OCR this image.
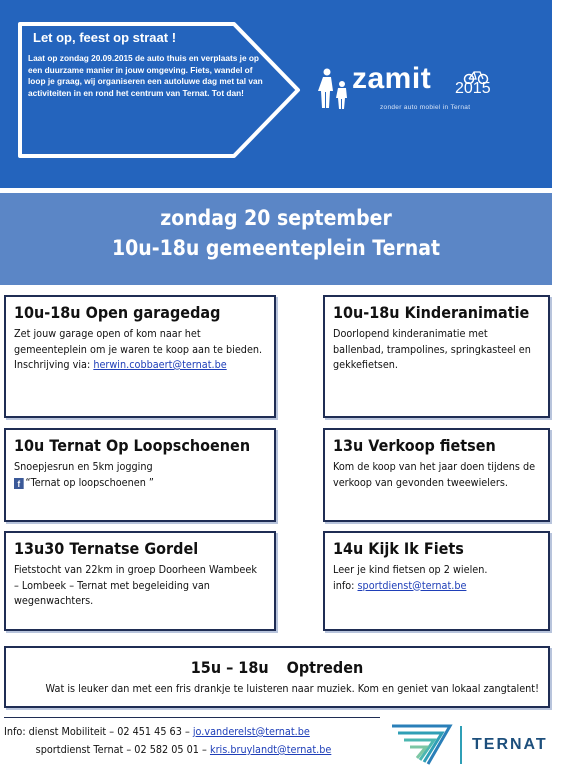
Let op, feest op straat !
Laat op zondag 20.09.2015 de auto thuis en verplaats je op een duurzame manier in jouw omgeving. Fiets, wandel of loop je graag, wij organiseren een autoluwe dag met tal van activiteiten in en rond het centrum van Ternat. Tot dan!	zamit 2015
zonder auto mobiel in Ternat
zondag 20 september
10u-18u gemeenteplein Ternat
10u-18u Open garagedag
Zet jouw garage open of kom naar het gemeenteplein om je waren te koop aan te bieden.
Inschrijving via: herwin.cobbaert@ternat.be
10u-18u Kinderanimatie
Doorlopend kinderanimatie met ballenbad, trampolines, springkasteel en gekkefietsen.
10u Ternat Op Loopschoenen
Snoepjesrun en 5km jogging
f “Ternat op loopschoenen ”
13u Verkoop fietsen
Kom de koop van het jaar doen tijdens de verkoop van gevonden tweewielers.
13u30 Ternatse Gordel
Fietstocht van 22km in groep Doorheen Wambeek – Lombeek – Ternat met begeleiding van wegenwachters.
14u Kijk Ik Fiets
Leer je kind fietsen op 2 wielen.
info: sportdienst@ternat.be
15u – 18u Optreden
Wat is leuker dan met een fris drankje te luisteren naar muziek. Kom en geniet van lokaal zangtalent!
Info: dienst Mobiliteit – 02 451 45 63 – jo.vanderelst@ternat.be
sportdienst Ternat – 02 582 05 01 – kris.bruylandt@ternat.be	TERNAT
